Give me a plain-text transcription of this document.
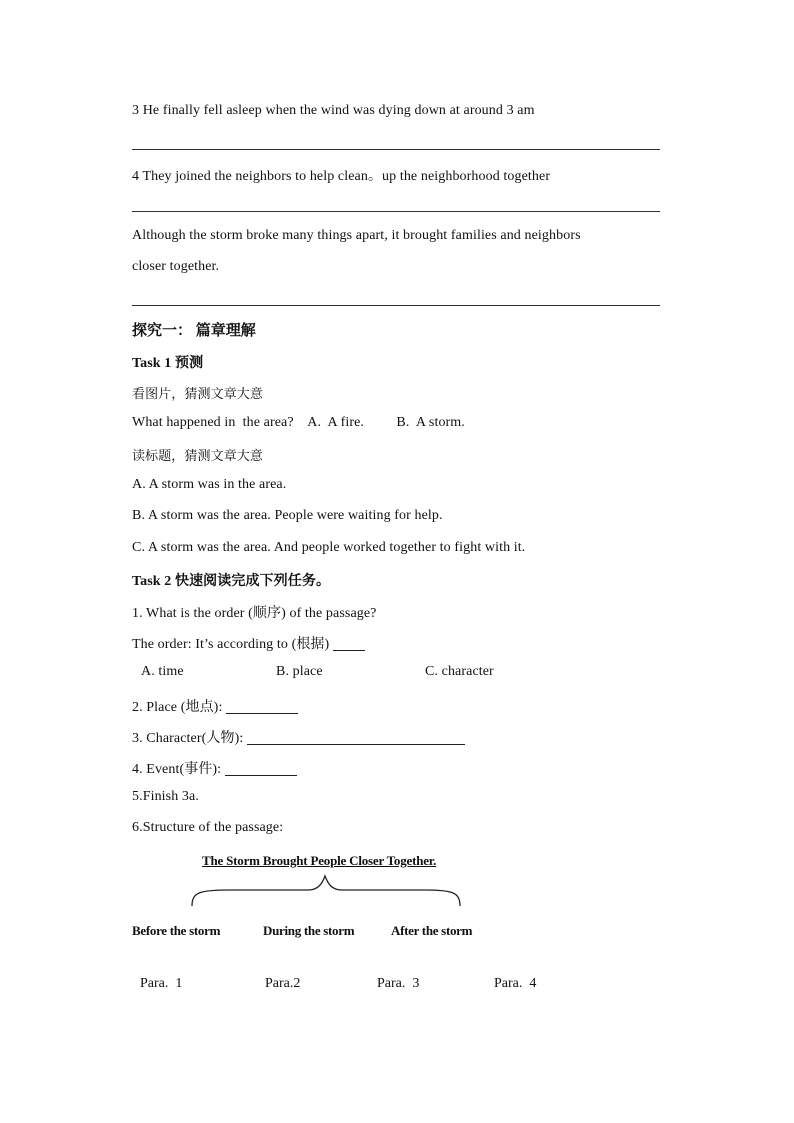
3 He finally fell asleep when the wind was dying down at around 3 am
4 They joined the neighbors to help clean。up the neighborhood together
Although the storm broke many things apart, it brought families and neighbors
closer together.
探究一： 篇章理解
Task 1 预测
看图片，猜测文章大意
What happened in  the area?    A.  A fire.         B.  A storm.
读标题，猜测文章大意
A. A storm was in the area.
B. A storm was the area. People were waiting for help.
C. A storm was the area. And people worked together to fight with it.
Task 2 快速阅读完成下列任务。
1. What is the order (顺序) of the passage?
The order: It’s according to (根据)
A. time	B. place	C. character
2. Place (地点):
3. Character(人物):
4. Event(事件):
5.Finish 3a.
6.Structure of the passage:
The Storm Brought People Closer Together.
Before the storm	During the storm	After the storm
Para.  1	Para.2	Para.  3	Para.  4
